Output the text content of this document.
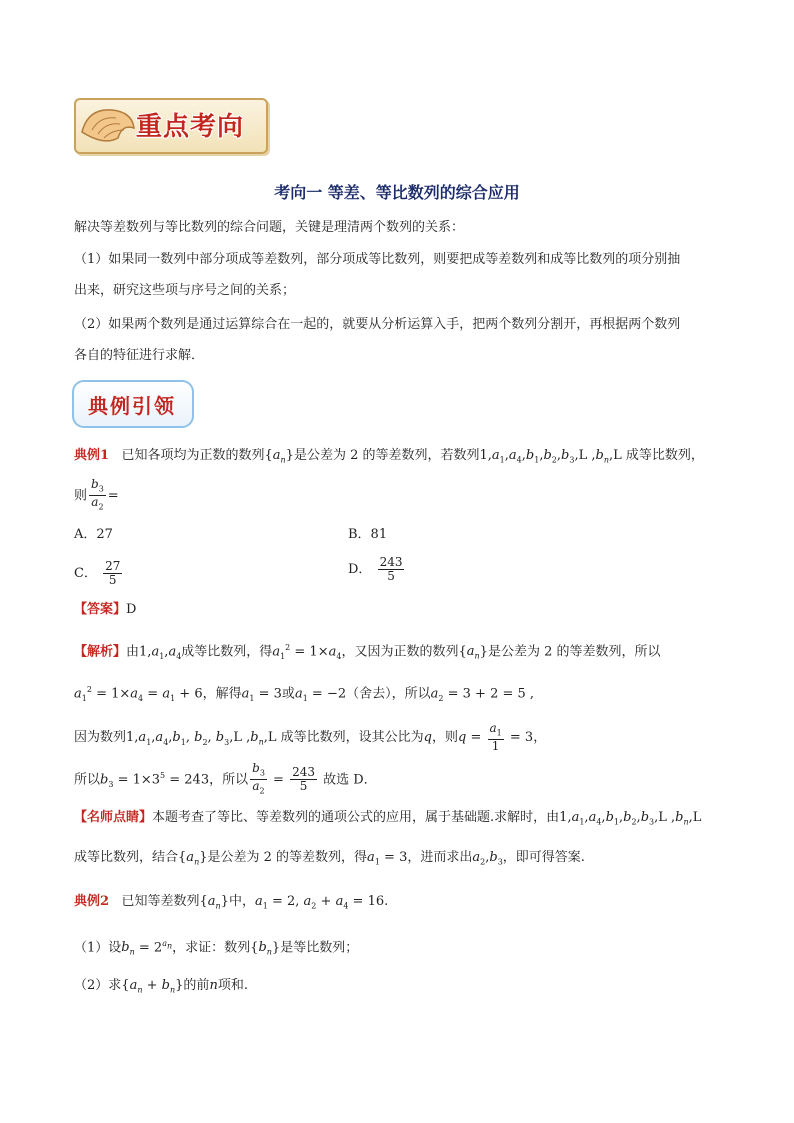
重点考向
考向一 等差、等比数列的综合应用
解决等差数列与等比数列的综合问题，关键是理清两个数列的关系：
（1）如果同一数列中部分项成等差数列，部分项成等比数列，则要把成等差数列和成等比数列的项分别抽
出来，研究这些项与序号之间的关系；
（2）如果两个数列是通过运算综合在一起的，就要从分析运算入手，把两个数列分割开，再根据两个数列
各自的特征进行求解．
典例引领
典例1 已知各项均为正数的数列$\{a_n\}$是公差为 2 的等差数列，若数列$1,a_1,a_4,b_1,b_2,b_3,L$ $,b_n,L$ 成等比数列，
则 $\frac{b_3}{a_2}$ =
A．27	B．81
C． $\frac{27}{5}$	D． $\frac{243}{5}$
【答案】D
【解析】由$1,a_1,a_4$成等比数列，得$a_1^2 = 1\times a_4$，又因为正数的数列$\{a_n\}$是公差为 2 的等差数列，所以
$a_1^2 = 1\times a_4 = a_1 + 6$，解得$a_1 = 3$或$a_1 = -2$（舍去），所以$a_2 = 3 + 2 = 5$ ,
因为数列$1,a_1,a_4,b_1$, $b_2$, $b_3,L$ $,b_n,L$ 成等比数列，设其公比为q，则$q = \frac{a_1}{1} = 3$，
所以$b_3 = 1\times 3^5 = 243$，所以 $\frac{b_3}{a_2} = \frac{243}{5}$ 故选 D．
【名师点睛】本题考查了等比、等差数列的通项公式的应用，属于基础题.求解时，由$1,a_1,a_4,b_1,b_2,b_3,L$ $,b_n,L$
成等比数列，结合$\{a_n\}$是公差为 2 的等差数列，得$a_1 = 3$，进而求出$a_2,b_3$，即可得答案.
典例2 已知等差数列$\{a_n\}$中，$a_1 = 2$, $a_2 + a_4 = 16$.
（1）设$b_n = 2^{a_n}$，求证：数列$\{b_n\}$是等比数列；
（2）求$\{a_n + b_n\}$的前n项和.
